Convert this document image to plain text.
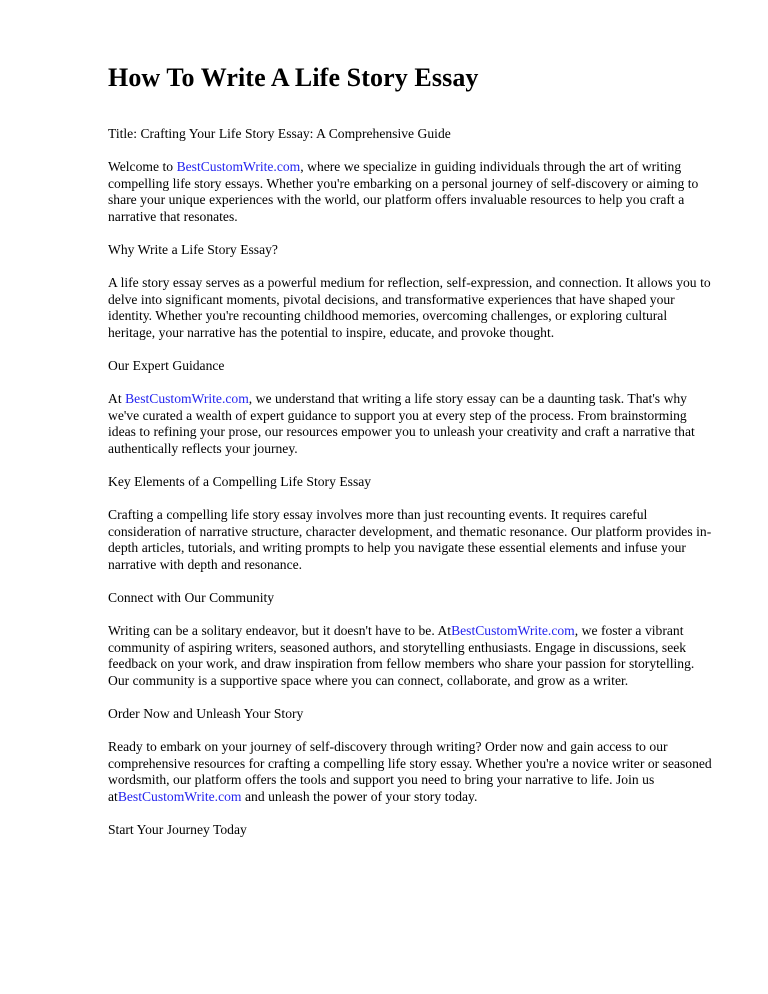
How To Write A Life Story Essay

Title: Crafting Your Life Story Essay: A Comprehensive Guide

Welcome to BestCustomWrite.com, where we specialize in guiding individuals through the art of writing compelling life story essays. Whether you're embarking on a personal journey of self-discovery or aiming to share your unique experiences with the world, our platform offers invaluable resources to help you craft a narrative that resonates.

Why Write a Life Story Essay?

A life story essay serves as a powerful medium for reflection, self-expression, and connection. It allows you to delve into significant moments, pivotal decisions, and transformative experiences that have shaped your identity. Whether you're recounting childhood memories, overcoming challenges, or exploring cultural heritage, your narrative has the potential to inspire, educate, and provoke thought.

Our Expert Guidance

At BestCustomWrite.com, we understand that writing a life story essay can be a daunting task. That's why we've curated a wealth of expert guidance to support you at every step of the process. From brainstorming ideas to refining your prose, our resources empower you to unleash your creativity and craft a narrative that authentically reflects your journey.

Key Elements of a Compelling Life Story Essay

Crafting a compelling life story essay involves more than just recounting events. It requires careful consideration of narrative structure, character development, and thematic resonance. Our platform provides in-depth articles, tutorials, and writing prompts to help you navigate these essential elements and infuse your narrative with depth and resonance.

Connect with Our Community

Writing can be a solitary endeavor, but it doesn't have to be. AtBestCustomWrite.com, we foster a vibrant community of aspiring writers, seasoned authors, and storytelling enthusiasts. Engage in discussions, seek feedback on your work, and draw inspiration from fellow members who share your passion for storytelling. Our community is a supportive space where you can connect, collaborate, and grow as a writer.

Order Now and Unleash Your Story

Ready to embark on your journey of self-discovery through writing? Order now and gain access to our comprehensive resources for crafting a compelling life story essay. Whether you're a novice writer or seasoned wordsmith, our platform offers the tools and support you need to bring your narrative to life. Join us atBestCustomWrite.com and unleash the power of your story today.

Start Your Journey Today
